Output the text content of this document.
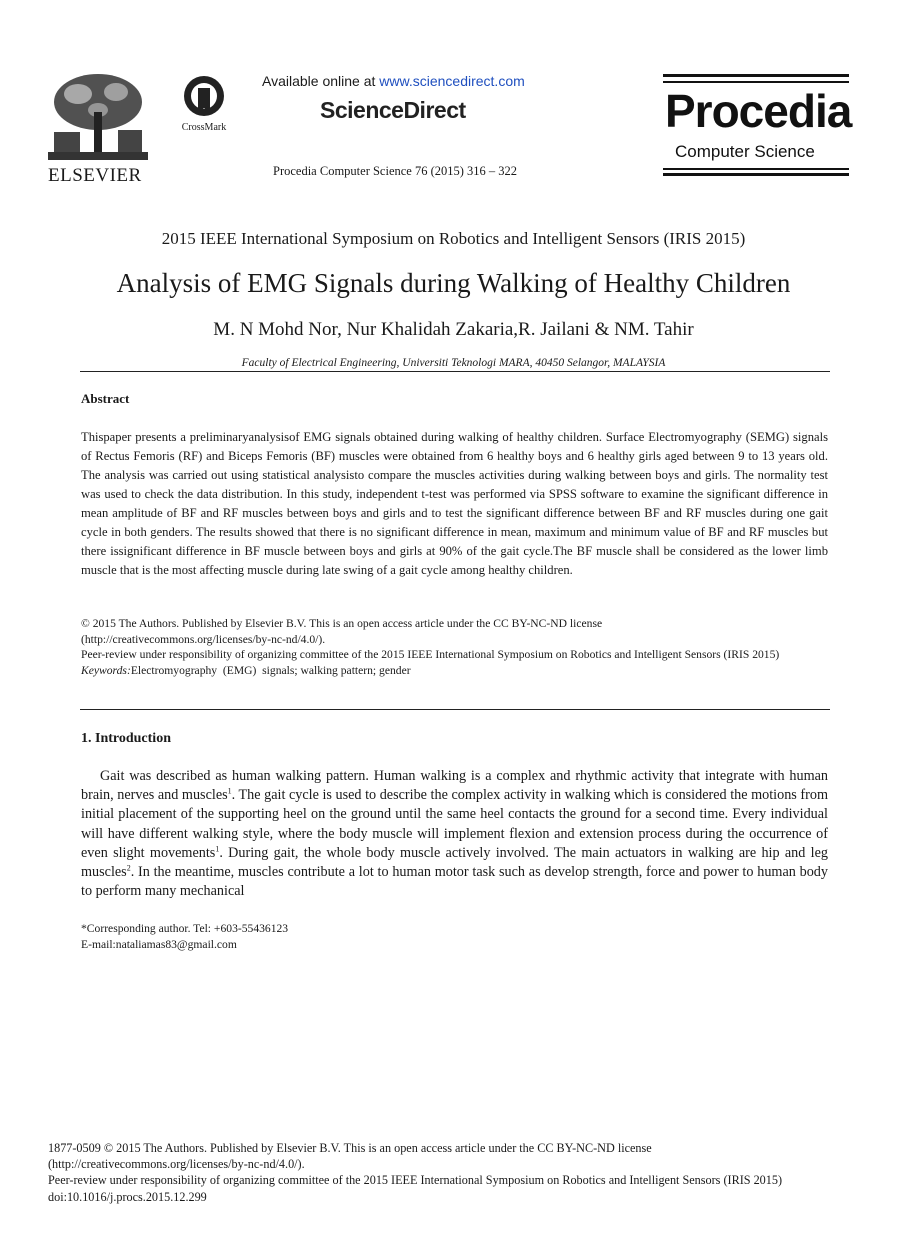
ELSEVIER
CrossMark
Available online at www.sciencedirect.com
ScienceDirect
Procedia Computer Science 76 (2015) 316 – 322
Procedia
Computer Science
2015 IEEE International Symposium on Robotics and Intelligent Sensors (IRIS 2015)
Analysis of EMG Signals during Walking of Healthy Children
M. N Mohd Nor, Nur Khalidah Zakaria,R. Jailani & NM. Tahir
Faculty of Electrical Engineering, Universiti Teknologi MARA, 40450 Selangor, MALAYSIA
Abstract
Thispaper presents a preliminaryanalysisof EMG signals obtained during walking of healthy children. Surface Electromyography (SEMG) signals of Rectus Femoris (RF) and Biceps Femoris (BF) muscles were obtained from 6 healthy boys and 6 healthy girls aged between 9 to 13 years old. The analysis was carried out using statistical analysisto compare the muscles activities during walking between boys and girls. The normality test was used to check the data distribution. In this study, independent t-test was performed via SPSS software to examine the significant difference in mean amplitude of BF and RF muscles between boys and girls and to test the significant difference between BF and RF muscles during one gait cycle in both genders. The results showed that there is no significant difference in mean, maximum and minimum value of BF and RF muscles but there issignificant difference in BF muscle between boys and girls at 90% of the gait cycle.The BF muscle shall be considered as the lower limb muscle that is the most affecting muscle during late swing of a gait cycle among healthy children.
© 2015 The Authors. Published by Elsevier B.V. This is an open access article under the CC BY-NC-ND license
(http://creativecommons.org/licenses/by-nc-nd/4.0/).
Peer-review under responsibility of organizing committee of the 2015 IEEE International Symposium on Robotics and Intelligent Sensors (IRIS 2015)
Keywords:Electromyography  (EMG)  signals; walking pattern; gender
1. Introduction
Gait was described as human walking pattern. Human walking is a complex and rhythmic activity that integrate with human brain, nerves and muscles$^1$. The gait cycle is used to describe the complex activity in walking which is considered the motions from initial placement of the supporting heel on the ground until the same heel contacts the ground for a second time. Every individual will have different walking style, where the body muscle will implement flexion and extension process during the occurrence of even slight movements$^1$. During gait, the whole body muscle actively involved. The main actuators in walking are hip and leg muscles$^2$. In the meantime, muscles contribute a lot to human motor task such as develop strength, force and power to human body to perform many mechanical
*Corresponding author. Tel: +603-55436123
E-mail:nataliamas83@gmail.com
1877-0509 © 2015 The Authors. Published by Elsevier B.V. This is an open access article under the CC BY-NC-ND license
(http://creativecommons.org/licenses/by-nc-nd/4.0/).
Peer-review under responsibility of organizing committee of the 2015 IEEE International Symposium on Robotics and Intelligent Sensors (IRIS 2015)
doi:10.1016/j.procs.2015.12.299
